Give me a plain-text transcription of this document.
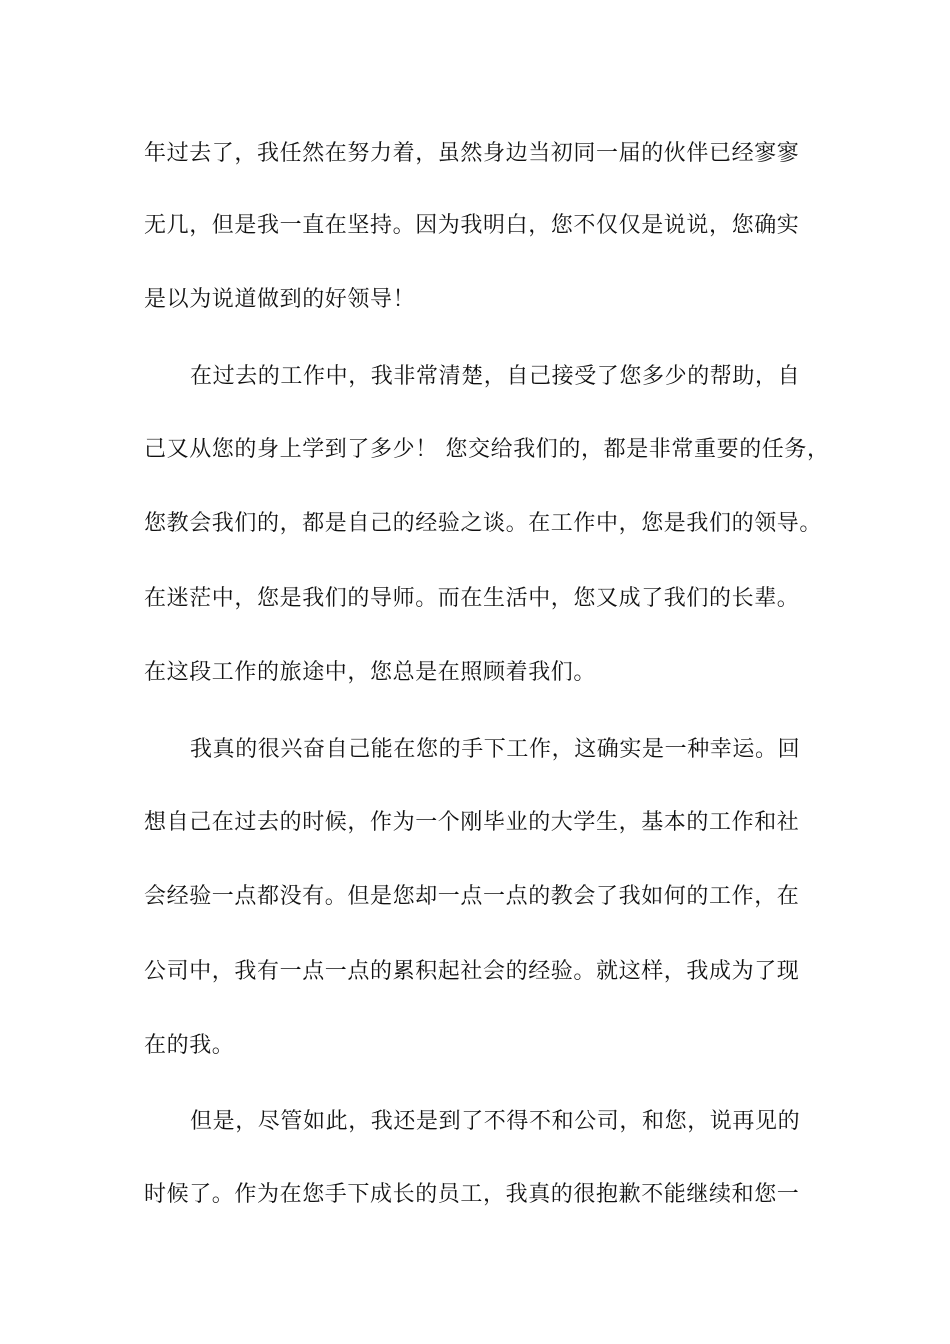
年过去了，我任然在努力着，虽然身边当初同一届的伙伴已经寥寥
无几，但是我一直在坚持。因为我明白，您不仅仅是说说，您确实
是以为说道做到的好领导！
在过去的工作中，我非常清楚，自己接受了您多少的帮助，自
己又从您的身上学到了多少！ 您交给我们的，都是非常重要的任务，
您教会我们的，都是自己的经验之谈。在工作中，您是我们的领导。
在迷茫中，您是我们的导师。而在生活中，您又成了我们的长辈。
在这段工作的旅途中，您总是在照顾着我们。
我真的很兴奋自己能在您的手下工作，这确实是一种幸运。回
想自己在过去的时候，作为一个刚毕业的大学生，基本的工作和社
会经验一点都没有。但是您却一点一点的教会了我如何的工作，在
公司中，我有一点一点的累积起社会的经验。就这样，我成为了现
在的我。
但是，尽管如此，我还是到了不得不和公司，和您，说再见的
时候了。作为在您手下成长的员工，我真的很抱歉不能继续和您一
